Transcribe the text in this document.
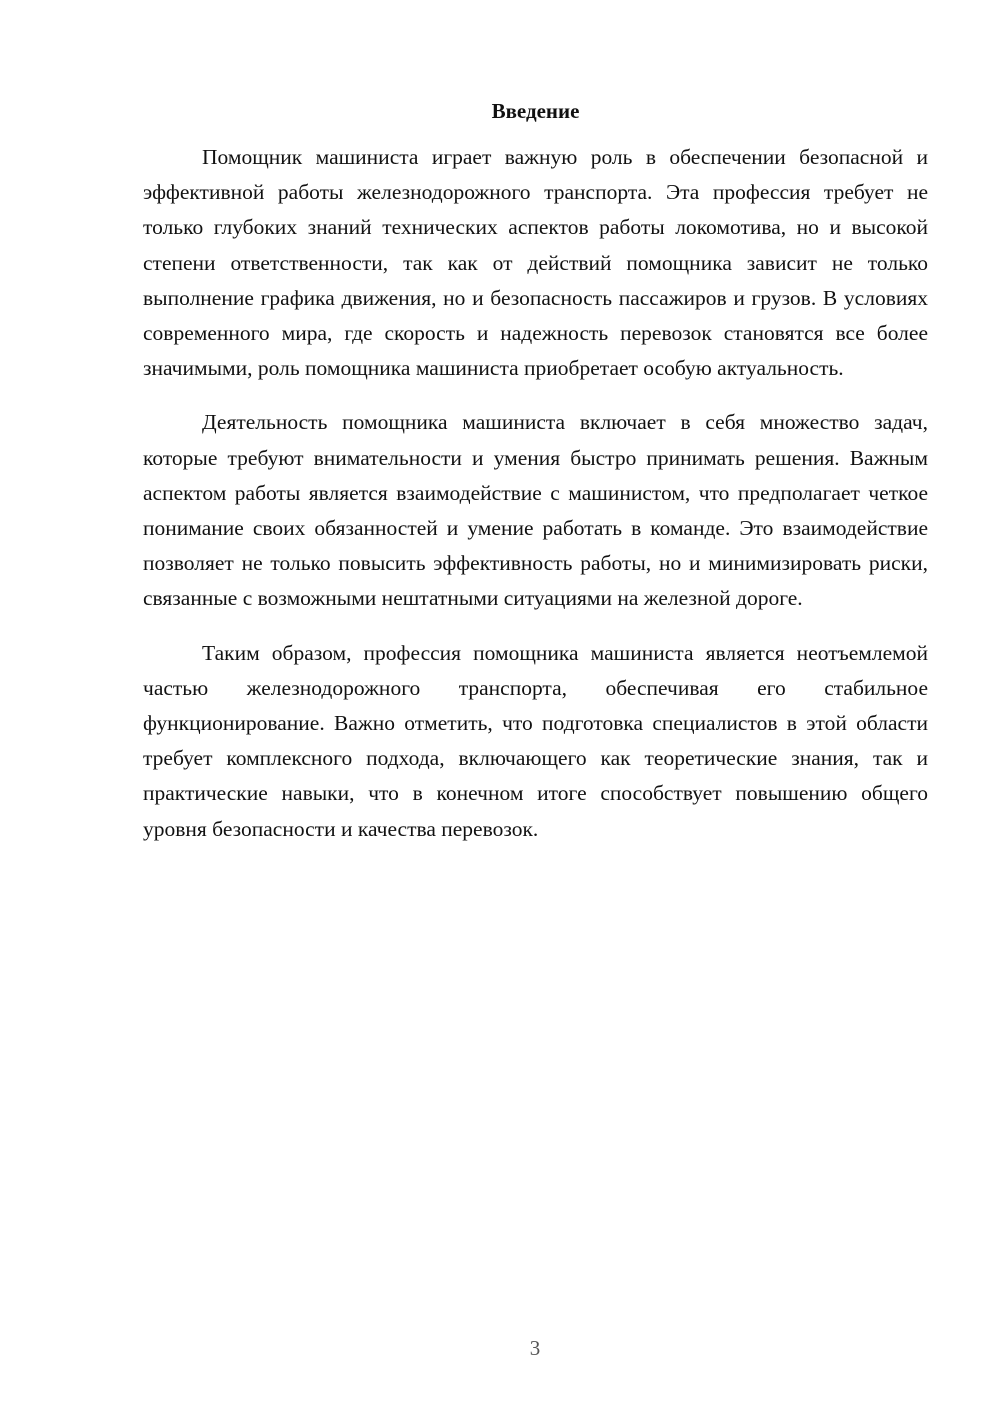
Введение

Помощник машиниста играет важную роль в обеспечении безопасной и эффективной работы железнодорожного транспорта. Эта профессия требует не только глубоких знаний технических аспектов работы локомотива, но и высокой степени ответственности, так как от действий помощника зависит не только выполнение графика движения, но и безопасность пассажиров и грузов. В условиях современного мира, где скорость и надежность перевозок становятся все более значимыми, роль помощника машиниста приобретает особую актуальность.

Деятельность помощника машиниста включает в себя множество задач, которые требуют внимательности и умения быстро принимать решения. Важным аспектом работы является взаимодействие с машинистом, что предполагает четкое понимание своих обязанностей и умение работать в команде. Это взаимодействие позволяет не только повысить эффективность работы, но и минимизировать риски, связанные с возможными нештатными ситуациями на железной дороге.

Таким образом, профессия помощника машиниста является неотъемлемой частью железнодорожного транспорта, обеспечивая его стабильное функционирование. Важно отметить, что подготовка специалистов в этой области требует комплексного подхода, включающего как теоретические знания, так и практические навыки, что в конечном итоге способствует повышению общего уровня безопасности и качества перевозок.

3
